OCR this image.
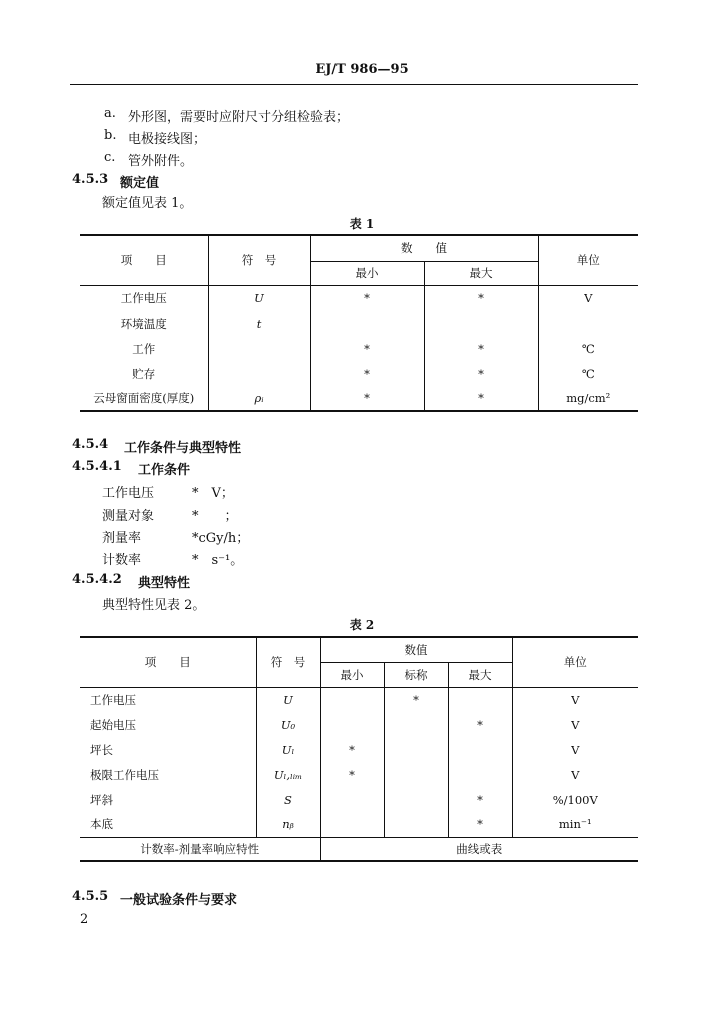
EJ/T 986—95
a. 外形图，需要时应附尺寸分组检验表；
b. 电极接线图；
c. 管外附件。
4.5.3 额定值
额定值见表 1。
表 1
项　　目	符　号	数　　值		单位
		最小	最大	
工作电压	U	*	*	V
环境温度	t			
工作		*	*	℃
贮存		*	*	℃
云母窗面密度(厚度)	ρᵢ	*	*	mg/cm²
4.5.4 工作条件与典型特性
4.5.4.1 工作条件
工作电压	*　V；
测量对象	*　　；
剂量率	*cGy/h；
计数率	*　s⁻¹。
4.5.4.2 典型特性
典型特性见表 2。
表 2
项　　目	符　号	数值			单位
		最小	标称	最大	
工作电压	U		*		V
起始电压	U₀			*	V
坪长	Uₗ	*			V
极限工作电压	Uₗ,ₗᵢₘ	*			V
坪斜	S			*	%/100V
本底	nᵦ			*	min⁻¹
计数率-剂量率响应特性		曲线或表			
4.5.5 一般试验条件与要求
2
